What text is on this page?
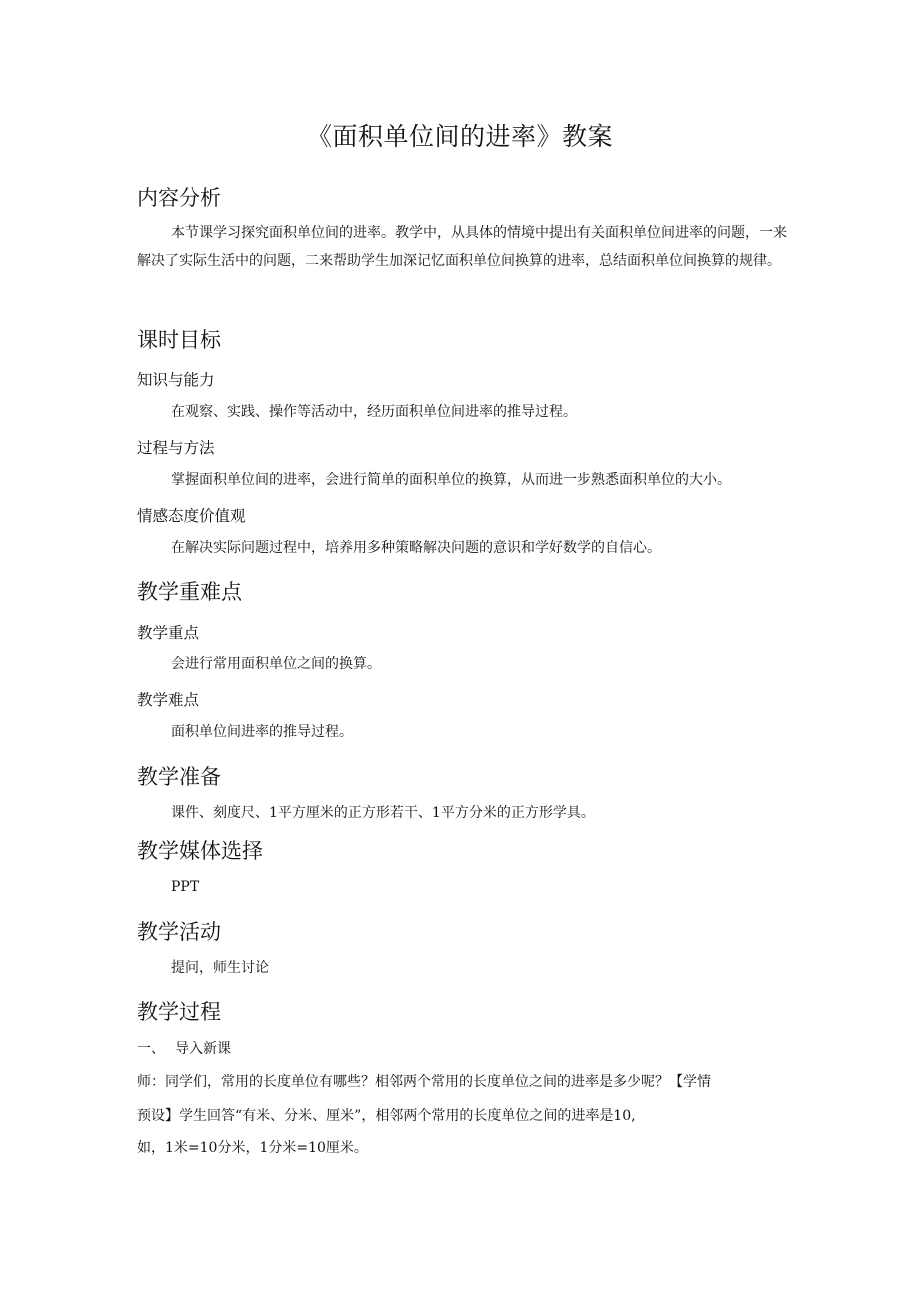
《面积单位间的进率》教案
内容分析
本节课学习探究面积单位间的进率。教学中，从具体的情境中提出有关面积单位间进率的问题，一来解决了实际生活中的问题，二来帮助学生加深记忆面积单位间换算的进率，总结面积单位间换算的规律。
课时目标
知识与能力
在观察、实践、操作等活动中，经历面积单位间进率的推导过程。
过程与方法
掌握面积单位间的进率，会进行简单的面积单位的换算，从而进一步熟悉面积单位的大小。
情感态度价值观
在解决实际问题过程中，培养用多种策略解决问题的意识和学好数学的自信心。
教学重难点
教学重点
会进行常用面积单位之间的换算。
教学难点
面积单位间进率的推导过程。
教学准备
课件、刻度尺、1平方厘米的正方形若干、1平方分米的正方形学具。
教学媒体选择
PPT
教学活动
提问，师生讨论
教学过程
一、 导入新课
师：同学们，常用的长度单位有哪些？相邻两个常用的长度单位之间的进率是多少呢？【学情
预设】学生回答“有米、分米、厘米”，相邻两个常用的长度单位之间的进率是10,
如，1米=10分米，1分米=10厘米。
